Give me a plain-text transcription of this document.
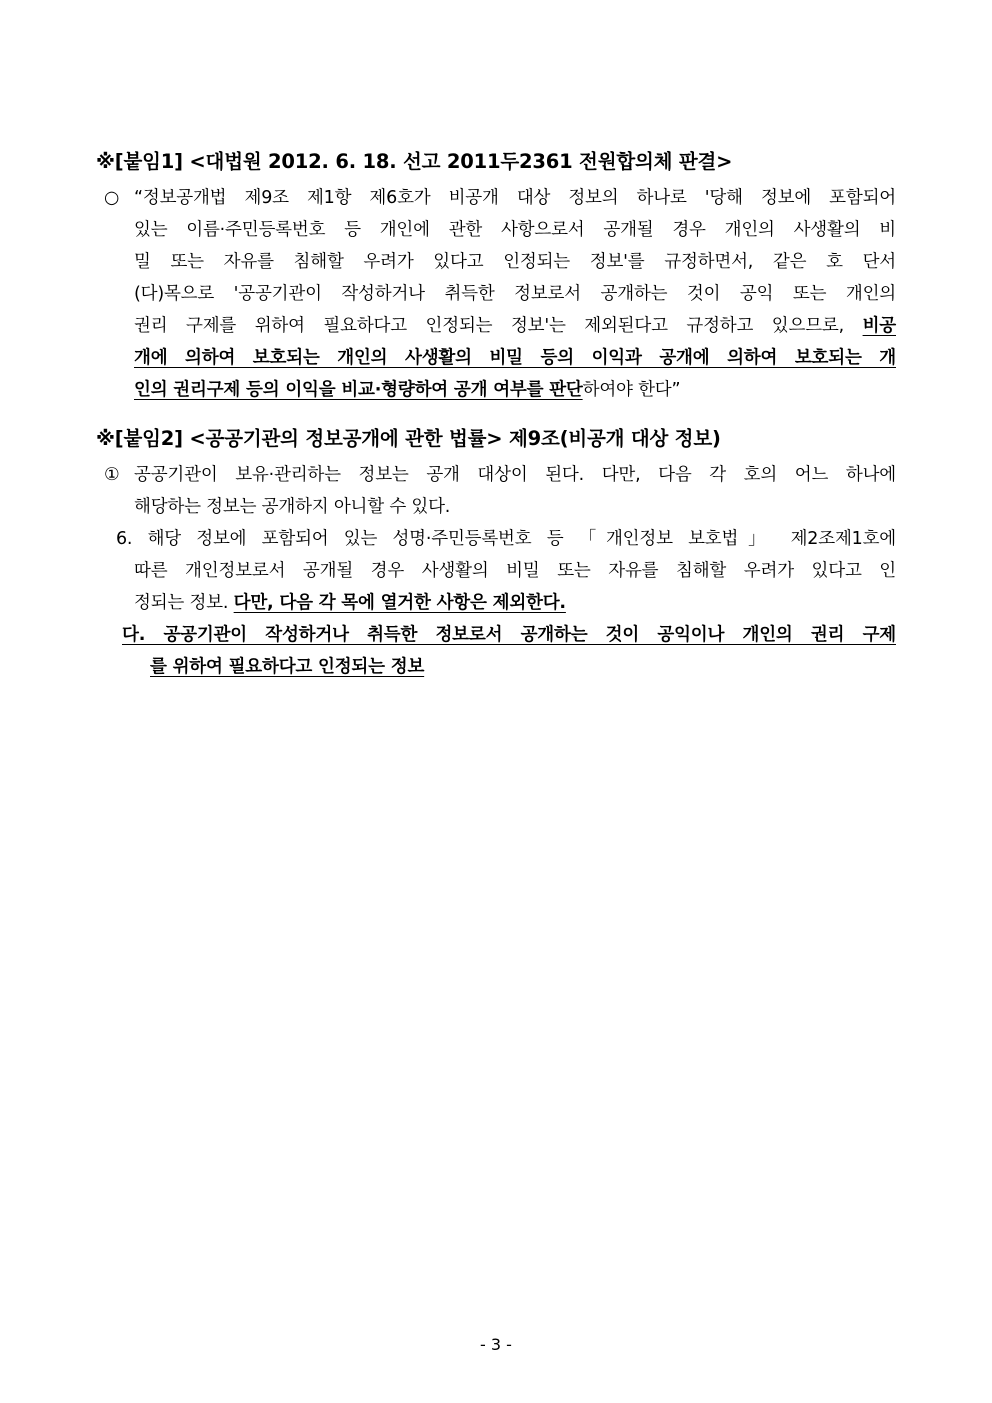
※[붙임1] <대법원 2012. 6. 18. 선고 2011두2361 전원합의체 판결>
○ “정보공개법 제9조 제1항 제6호가 비공개 대상 정보의 하나로 '당해 정보에 포함되어
있는 이름·주민등록번호 등 개인에 관한 사항으로서 공개될 경우 개인의 사생활의 비
밀 또는 자유를 침해할 우려가 있다고 인정되는 정보'를 규정하면서, 같은 호 단서
(다)목으로 '공공기관이 작성하거나 취득한 정보로서 공개하는 것이 공익 또는 개인의
권리 구제를 위하여 필요하다고 인정되는 정보'는 제외된다고 규정하고 있으므로, 비공
개에 의하여 보호되는 개인의 사생활의 비밀 등의 이익과 공개에 의하여 보호되는 개
인의 권리구제 등의 이익을 비교·형량하여 공개 여부를 판단하여야 한다”
※[붙임2] <공공기관의 정보공개에 관한 법률> 제9조(비공개 대상 정보)
① 공공기관이 보유·관리하는 정보는 공개 대상이 된다. 다만, 다음 각 호의 어느 하나에
해당하는 정보는 공개하지 아니할 수 있다.
6. 해당 정보에 포함되어 있는 성명·주민등록번호 등 「개인정보 보호법」 제2조제1호에
따른 개인정보로서 공개될 경우 사생활의 비밀 또는 자유를 침해할 우려가 있다고 인
정되는 정보. 다만, 다음 각 목에 열거한 사항은 제외한다.
다. 공공기관이 작성하거나 취득한 정보로서 공개하는 것이 공익이나 개인의 권리 구제
를 위하여 필요하다고 인정되는 정보
- 3 -
